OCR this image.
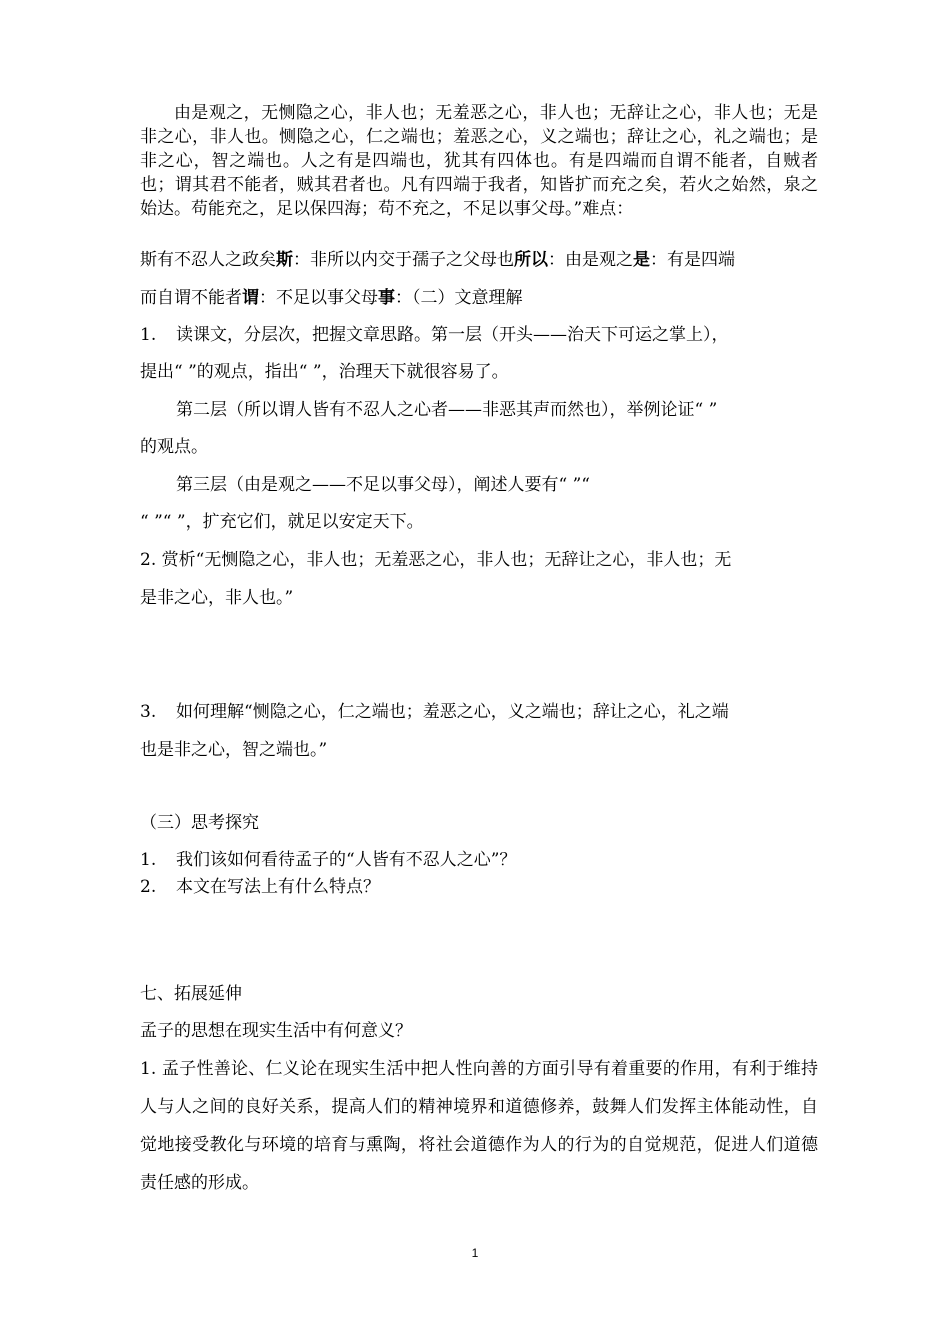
由是观之，无恻隐之心，非人也；无羞恶之心，非人也；无辞让之心，非人也；无是非之心，非人也。恻隐之心，仁之端也；羞恶之心，义之端也；辞让之心，礼之端也；是非之心，智之端也。人之有是四端也，犹其有四体也。有是四端而自谓不能者，自贼者也；谓其君不能者，贼其君者也。凡有四端于我者，知皆扩而充之矣，若火之始然，泉之始达。苟能充之，足以保四海；苟不充之，不足以事父母。”难点：

斯有不忍人之政矣斯：非所以内交于孺子之父母也所以：由是观之是：有是四端

而自谓不能者谓：不足以事父母事：（二）文意理解

1. 读课文，分层次，把握文章思路。第一层（开头——治天下可运之掌上），

提出“ ”的观点，指出“ ”，治理天下就很容易了。

第二层（所以谓人皆有不忍人之心者——非恶其声而然也），举例论证“ ”

的观点。

第三层（由是观之——不足以事父母），阐述人要有“ ”“

“ ”“ ”，扩充它们，就足以安定天下。

2. 赏析“无恻隐之心，非人也；无羞恶之心，非人也；无辞让之心，非人也；无

是非之心，非人也。”

3. 如何理解“恻隐之心，仁之端也；羞恶之心，义之端也；辞让之心，礼之端

也是非之心，智之端也。”

（三）思考探究

1. 我们该如何看待孟子的“人皆有不忍人之心”？

2. 本文在写法上有什么特点？

七、拓展延伸

孟子的思想在现实生活中有何意义？

1. 孟子性善论、仁义论在现实生活中把人性向善的方面引导有着重要的作用，有利于维持人与人之间的良好关系，提高人们的精神境界和道德修养，鼓舞人们发挥主体能动性，自觉地接受教化与环境的培育与熏陶，将社会道德作为人的行为的自觉规范，促进人们道德责任感的形成。

1
